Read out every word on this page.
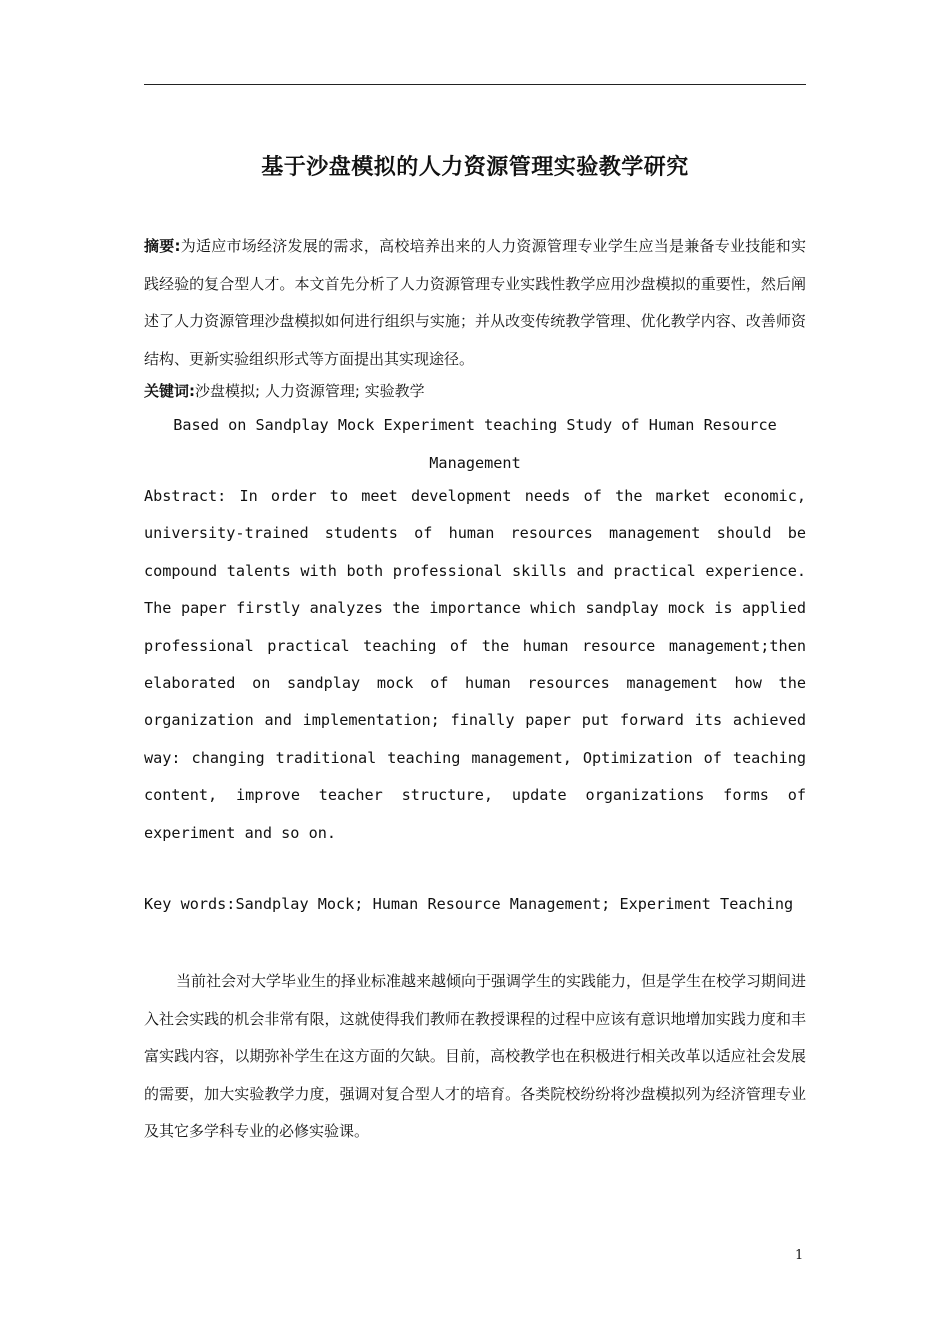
基于沙盘模拟的人力资源管理实验教学研究
摘要:为适应市场经济发展的需求，高校培养出来的人力资源管理专业学生应当是兼备专业技能和实践经验的复合型人才。本文首先分析了人力资源管理专业实践性教学应用沙盘模拟的重要性，然后阐述了人力资源管理沙盘模拟如何进行组织与实施；并从改变传统教学管理、优化教学内容、改善师资结构、更新实验组织形式等方面提出其实现途径。
关键词:沙盘模拟; 人力资源管理; 实验教学
Based on Sandplay Mock Experiment teaching Study of Human Resource Management
Abstract: In order to meet development needs of the market economic, university-trained students of human resources management should be compound talents with both professional skills and practical experience. The paper firstly analyzes the importance which sandplay mock is applied professional practical teaching of the human resource management;then elaborated on sandplay mock of human resources management how the organization and implementation; finally paper put forward its achieved way: changing traditional teaching management, Optimization of teaching content, improve teacher structure, update organizations forms of experiment and so on.
Key words:Sandplay Mock; Human Resource Management; Experiment Teaching
当前社会对大学毕业生的择业标准越来越倾向于强调学生的实践能力，但是学生在校学习期间进入社会实践的机会非常有限，这就使得我们教师在教授课程的过程中应该有意识地增加实践力度和丰富实践内容，以期弥补学生在这方面的欠缺。目前，高校教学也在积极进行相关改革以适应社会发展的需要，加大实验教学力度，强调对复合型人才的培育。各类院校纷纷将沙盘模拟列为经济管理专业及其它多学科专业的必修实验课。
1
